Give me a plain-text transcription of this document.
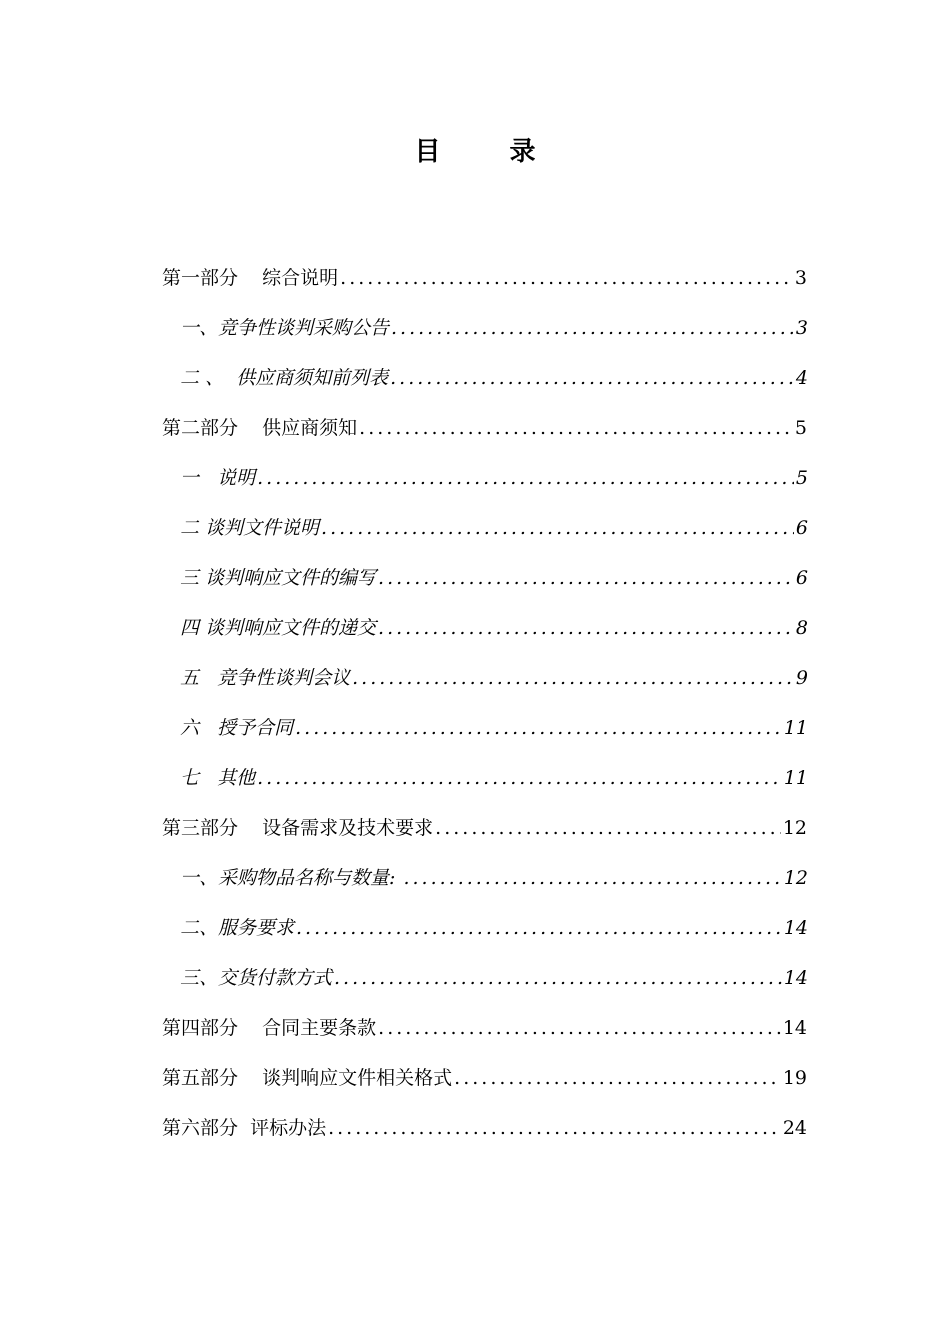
目 录
第一部分    综合说明 .....	3
一、竞争性谈判采购公告 .....	3
二 、  供应商须知前列表 .....	4
第二部分    供应商须知 .....	5
一   说明 .....	5
二 谈判文件说明 .....	6
三 谈判响应文件的编写 .....	6
四 谈判响应文件的递交 .....	8
五   竞争性谈判会议 .....	9
六   授予合同 .....	11
七   其他 .....	11
第三部分    设备需求及技术要求 .....	12
一、采购物品名称与数量: .....	12
二、服务要求 .....	14
三、交货付款方式 .....	14
第四部分    合同主要条款 .....	14
第五部分    谈判响应文件相关格式 .....	19
第六部分  评标办法 .....	24
